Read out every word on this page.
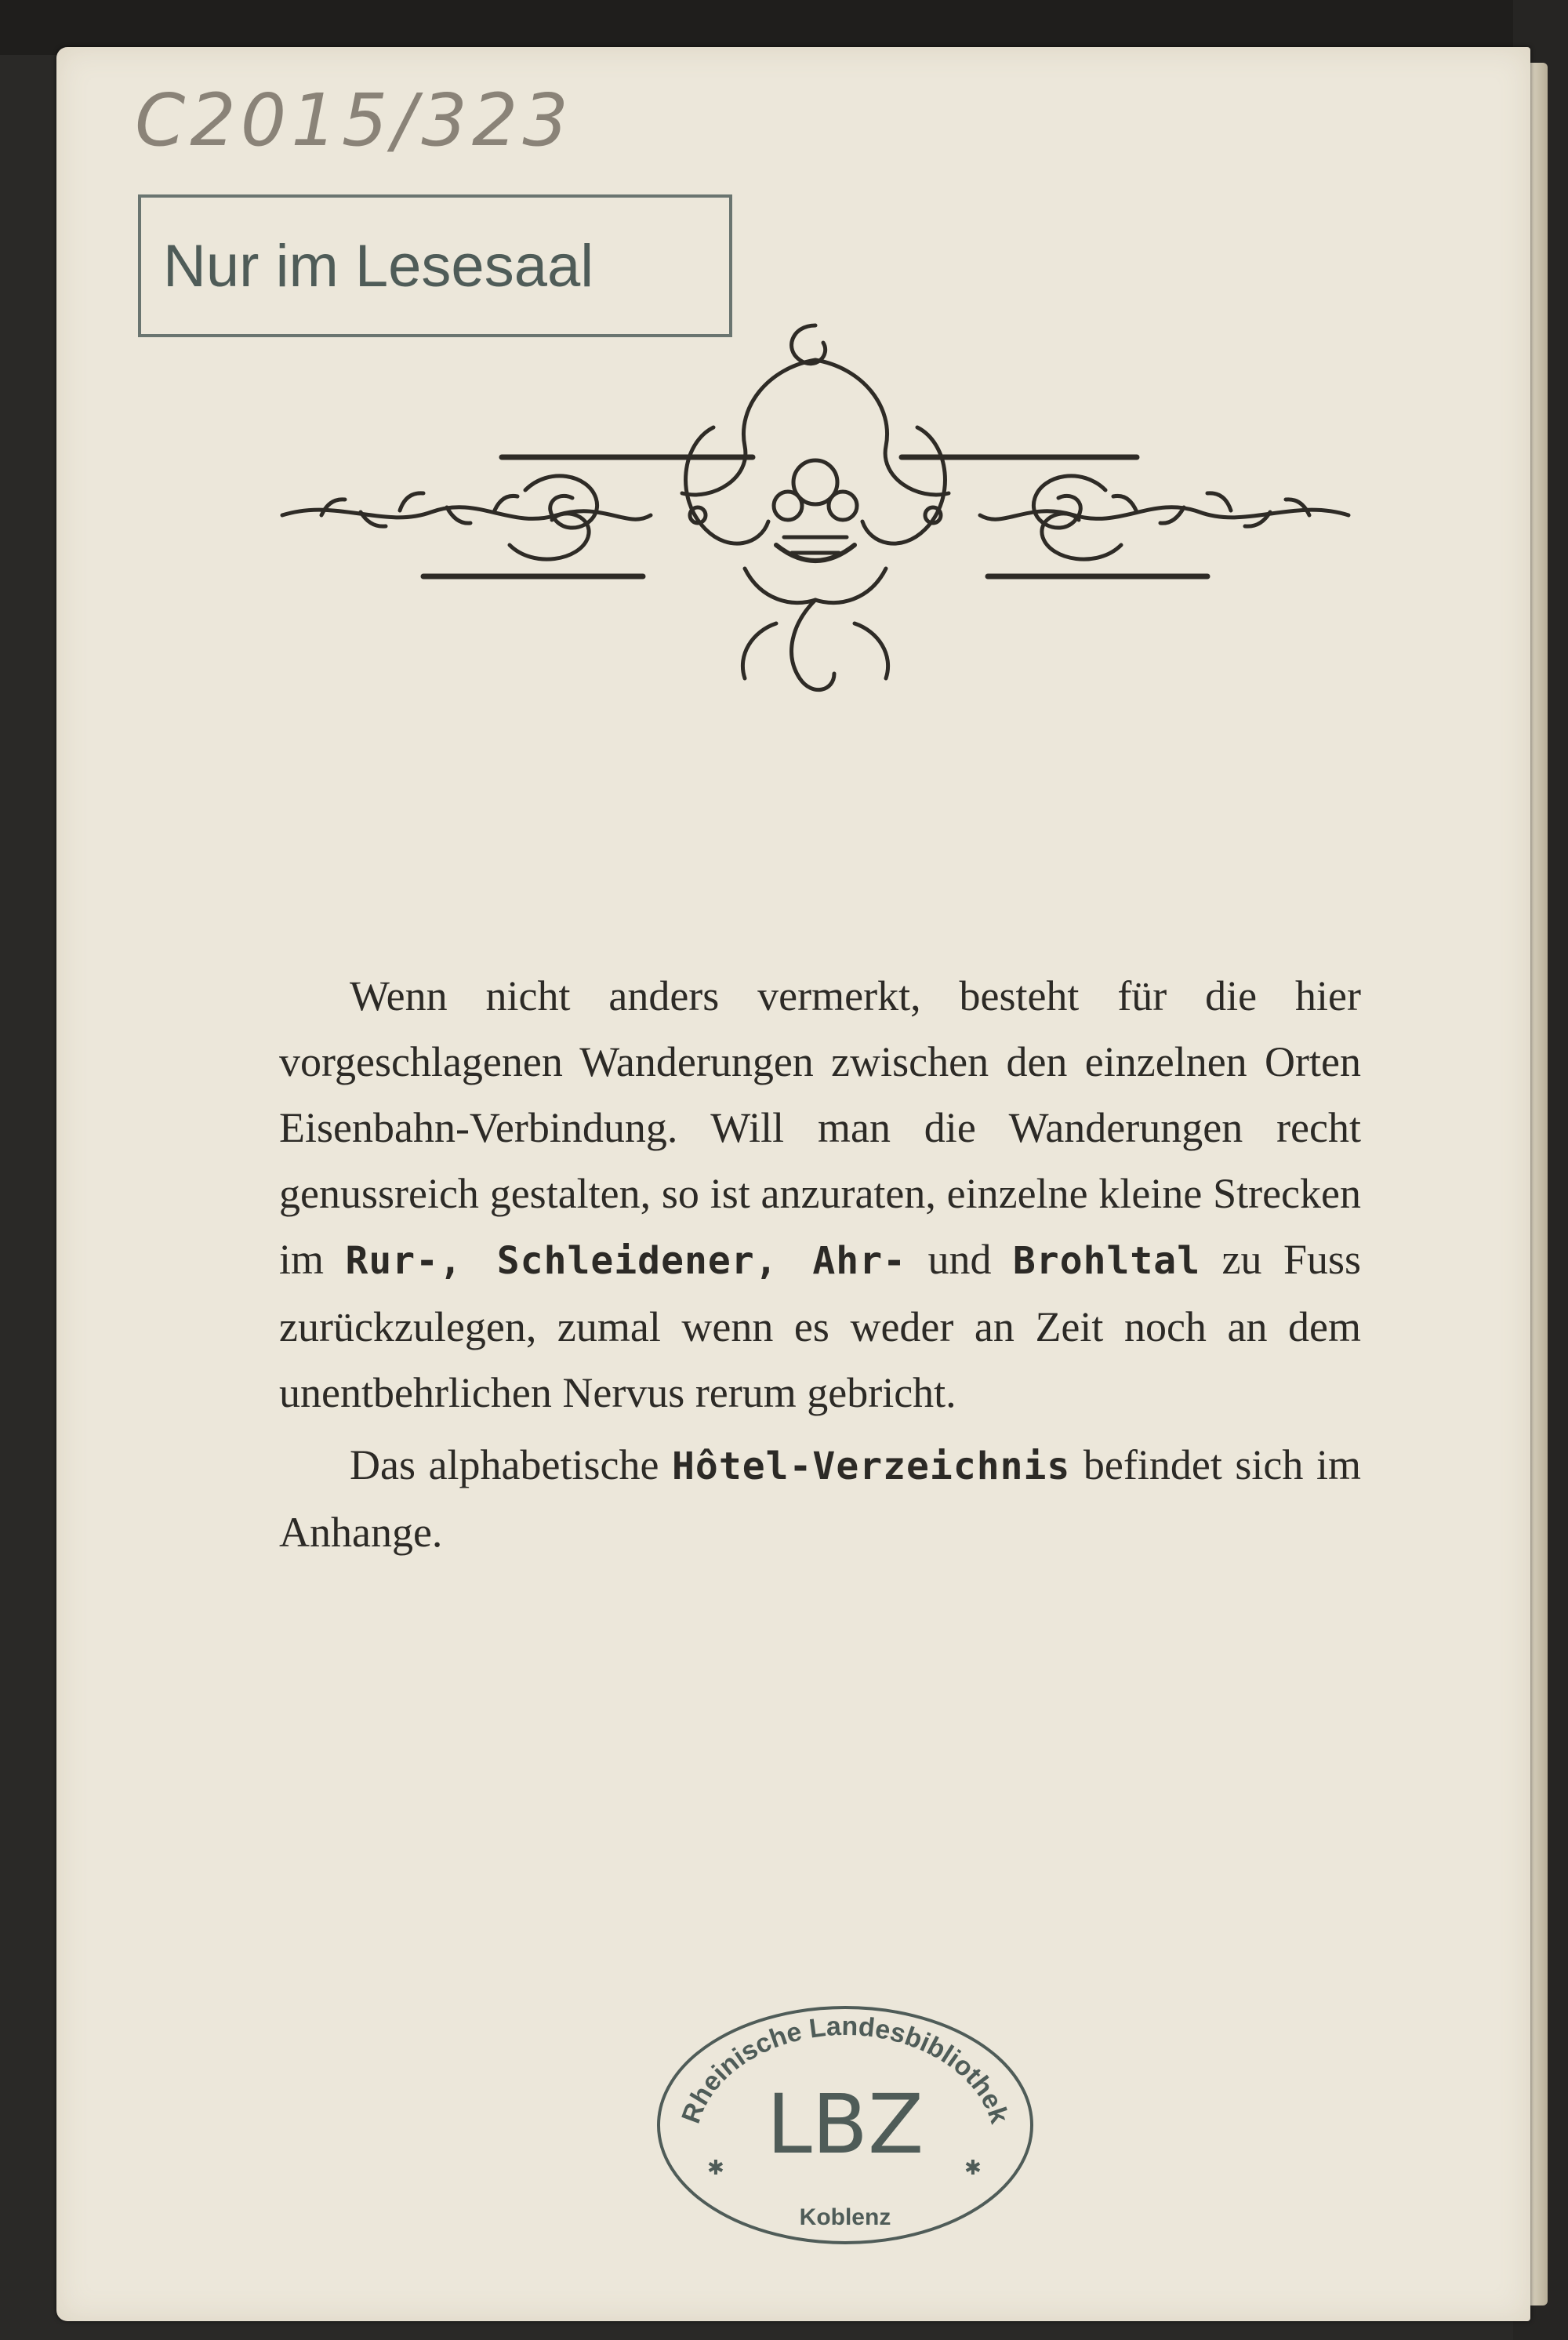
C2015/323
Nur im Lesesaal

Wenn nicht anders vermerkt, besteht für die hier vorgeschlagenen Wanderungen zwischen den einzelnen Orten Eisenbahn-Verbindung. Will man die Wanderungen recht genussreich gestalten, so ist anzuraten, einzelne kleine Strecken im Rur-, Schleidener, Ahr- und Brohltal zu Fuss zurückzulegen, zumal wenn es weder an Zeit noch an dem unentbehrlichen Nervus rerum gebricht.

Das alphabetische Hôtel-Verzeichnis befindet sich im Anhange.

Rheinische Landesbibliothek
LBZ
Koblenz
✱	✱
